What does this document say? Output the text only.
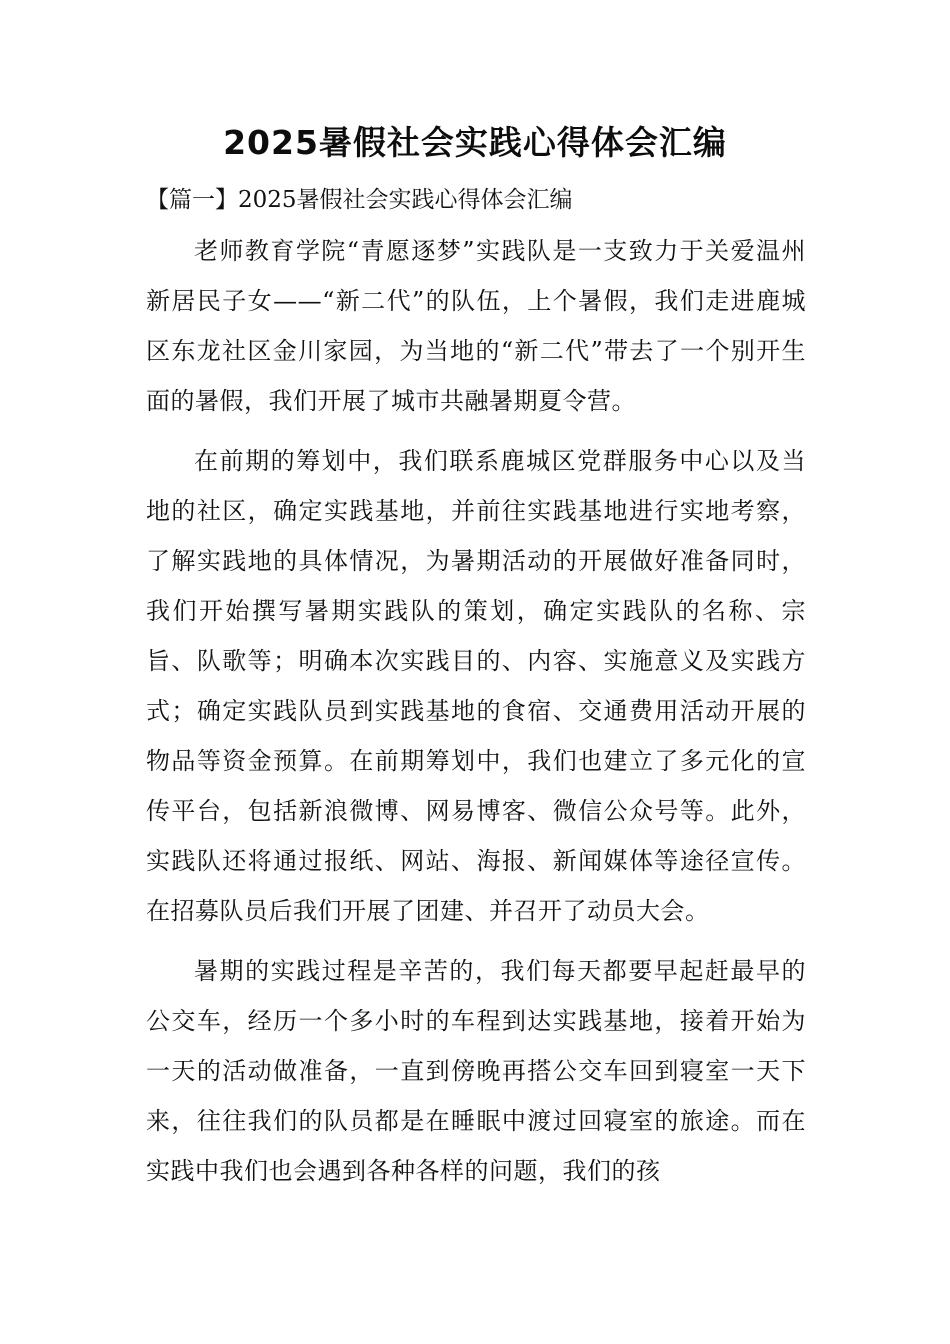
2025暑假社会实践心得体会汇编

【篇一】2025暑假社会实践心得体会汇编

老师教育学院“青愿逐梦”实践队是一支致力于关爱温州新居民子女——“新二代”的队伍，上个暑假，我们走进鹿城区东龙社区金川家园，为当地的“新二代”带去了一个别开生面的暑假，我们开展了城市共融暑期夏令营。

在前期的筹划中，我们联系鹿城区党群服务中心以及当地的社区，确定实践基地，并前往实践基地进行实地考察，了解实践地的具体情况，为暑期活动的开展做好准备同时，我们开始撰写暑期实践队的策划，确定实践队的名称、宗旨、队歌等；明确本次实践目的、内容、实施意义及实践方式；确定实践队员到实践基地的食宿、交通费用活动开展的物品等资金预算。在前期筹划中，我们也建立了多元化的宣传平台，包括新浪微博、网易博客、微信公众号等。此外，实践队还将通过报纸、网站、海报、新闻媒体等途径宣传。在招募队员后我们开展了团建、并召开了动员大会。

暑期的实践过程是辛苦的，我们每天都要早起赶最早的公交车，经历一个多小时的车程到达实践基地，接着开始为一天的活动做准备，一直到傍晚再搭公交车回到寝室一天下来，往往我们的队员都是在睡眠中渡过回寝室的旅途。而在实践中我们也会遇到各种各样的问题，我们的孩
